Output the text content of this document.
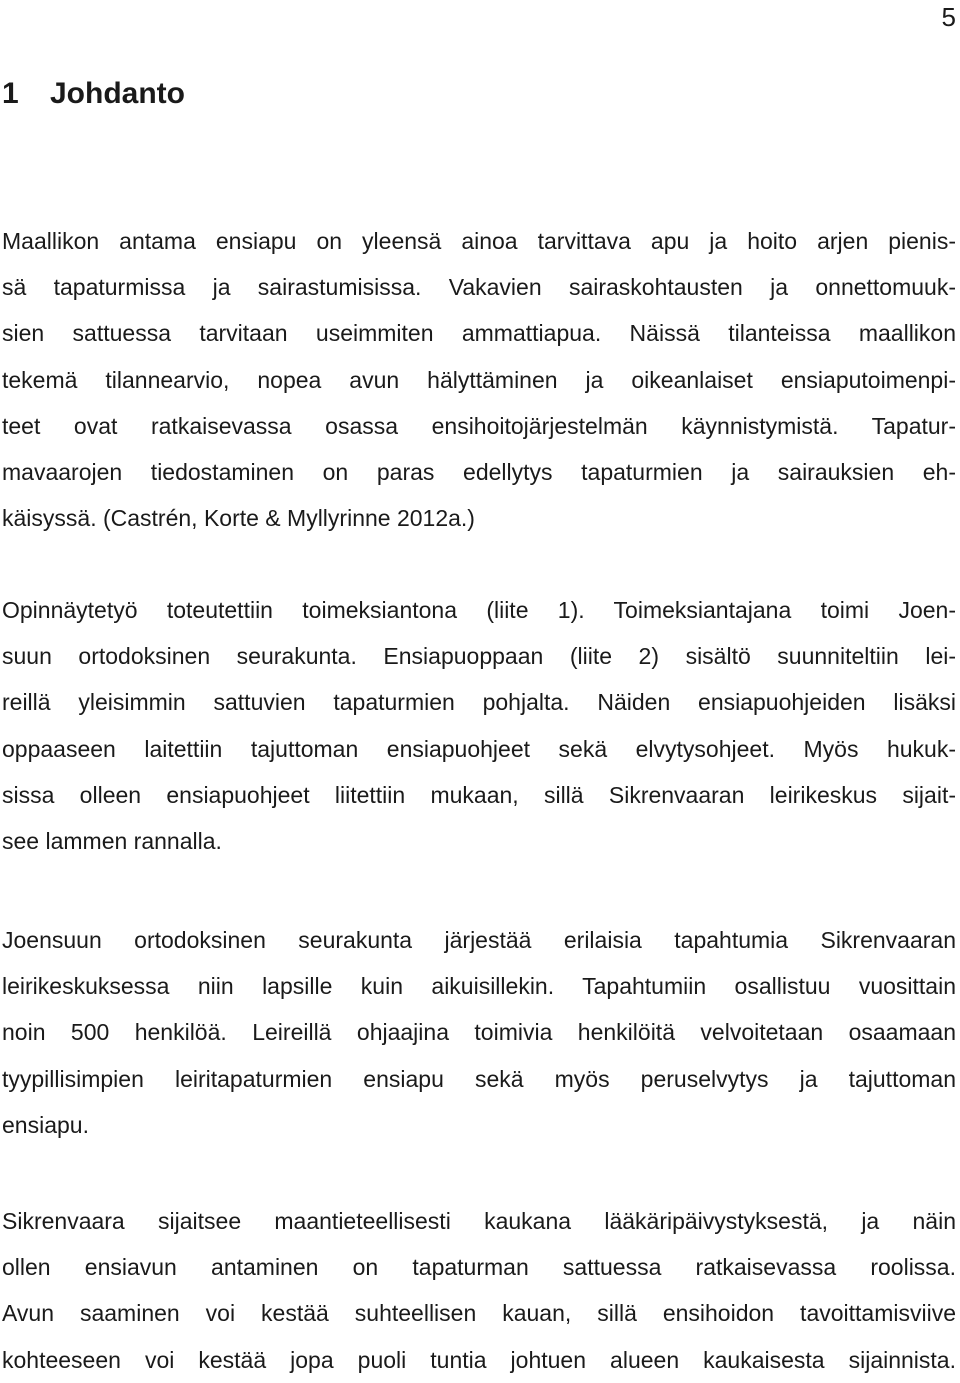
5
1 Johdanto
Maallikon antama ensiapu on yleensä ainoa tarvittava apu ja hoito arjen pienis-
sä tapaturmissa ja sairastumisissa. Vakavien sairaskohtausten ja onnettomuuk-
sien sattuessa tarvitaan useimmiten ammattiapua. Näissä tilanteissa maallikon
tekemä tilannearvio, nopea avun hälyttäminen ja oikeanlaiset ensiaputoimenpi-
teet ovat ratkaisevassa osassa ensihoitojärjestelmän käynnistymistä. Tapatur-
mavaarojen tiedostaminen on paras edellytys tapaturmien ja sairauksien eh-
käisyssä. (Castrén, Korte & Myllyrinne 2012a.)
Opinnäytetyö toteutettiin toimeksiantona (liite 1). Toimeksiantajana toimi Joen-
suun ortodoksinen seurakunta. Ensiapuoppaan (liite 2) sisältö suunniteltiin lei-
reillä yleisimmin sattuvien tapaturmien pohjalta. Näiden ensiapuohjeiden lisäksi
oppaaseen laitettiin tajuttoman ensiapuohjeet sekä elvytysohjeet. Myös hukuk-
sissa olleen ensiapuohjeet liitettiin mukaan, sillä Sikrenvaaran leirikeskus sijait-
see lammen rannalla.
Joensuun ortodoksinen seurakunta järjestää erilaisia tapahtumia Sikrenvaaran
leirikeskuksessa niin lapsille kuin aikuisillekin. Tapahtumiin osallistuu vuosittain
noin 500 henkilöä. Leireillä ohjaajina toimivia henkilöitä velvoitetaan osaamaan
tyypillisimpien leiritapaturmien ensiapu sekä myös peruselvytys ja tajuttoman
ensiapu.
Sikrenvaara sijaitsee maantieteellisesti kaukana lääkäripäivystyksestä, ja näin
ollen ensiavun antaminen on tapaturman sattuessa ratkaisevassa roolissa.
Avun saaminen voi kestää suhteellisen kauan, sillä ensihoidon tavoittamisviive
kohteeseen voi kestää jopa puoli tuntia johtuen alueen kaukaisesta sijainnista.
